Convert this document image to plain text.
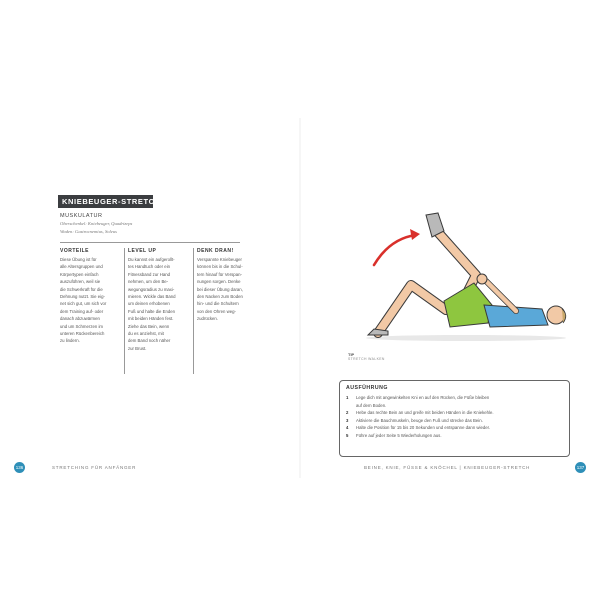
KNIEBEUGER-STRETCH
MUSKULATUR
Oberschenkel: Kniebeuger, Quadrizeps
Waden: Gastrocnemius, Soleus
VORTEILE
Diese Übung ist für
alle Altersgruppen und
Körpertypen einfach
auszuführen, weil sie
die Schwerkraft für die
Dehnung nutzt. Sie eig-
net sich gut, um sich vor
dem Training auf- oder
danach abzuwärmen
und um Schmerzen im
unteren Rückenbereich
zu lindern.
LEVEL UP
Du kannst ein aufgerollt-
tes Handtuch oder ein
Fitnessband zur Hand
nehmen, um den Be-
wegungsradius zu maxi-
mieren. Wickle das Band
um deinen erhobenen
Fuß und halte die Enden
mit beiden Händen fest.
Ziehe das Bein, wenn
du es anziehst, mit
dem Band noch näher
zur Brust.
DENK DRAN!
Verspannte Kniebeuger
können bis in die Schul-
tern hinauf für Verspan-
nungen sorgen. Denke
bei dieser Übung daran,
den Nacken zum Boden
hin- und die Schultern
von den Ohren weg-
zudrücken.
136	STRETCHING FÜR ANFÄNGER
TIP
STRETCH WALKEN
AUSFÜHRUNG
1	Lege dich mit angewinkelten Kni en auf den Rücken, die Füße bleiben
auf dem Boden.
2	Hebe das rechte Bein an und greife mit beiden Händen in die Kniekehle.
3	Aktiviere die Bauchmuskeln, beuge den Fuß und strecke das Bein.
4	Halte die Position für 15 bis 20 Sekunden und entspanne dann wieder.
5	Führe auf jeder Seite 5 Wiederholungen aus.
BEINE, KNIE, FÜSSE & KNÖCHEL | KNIEBEUGER-STRETCH	137
